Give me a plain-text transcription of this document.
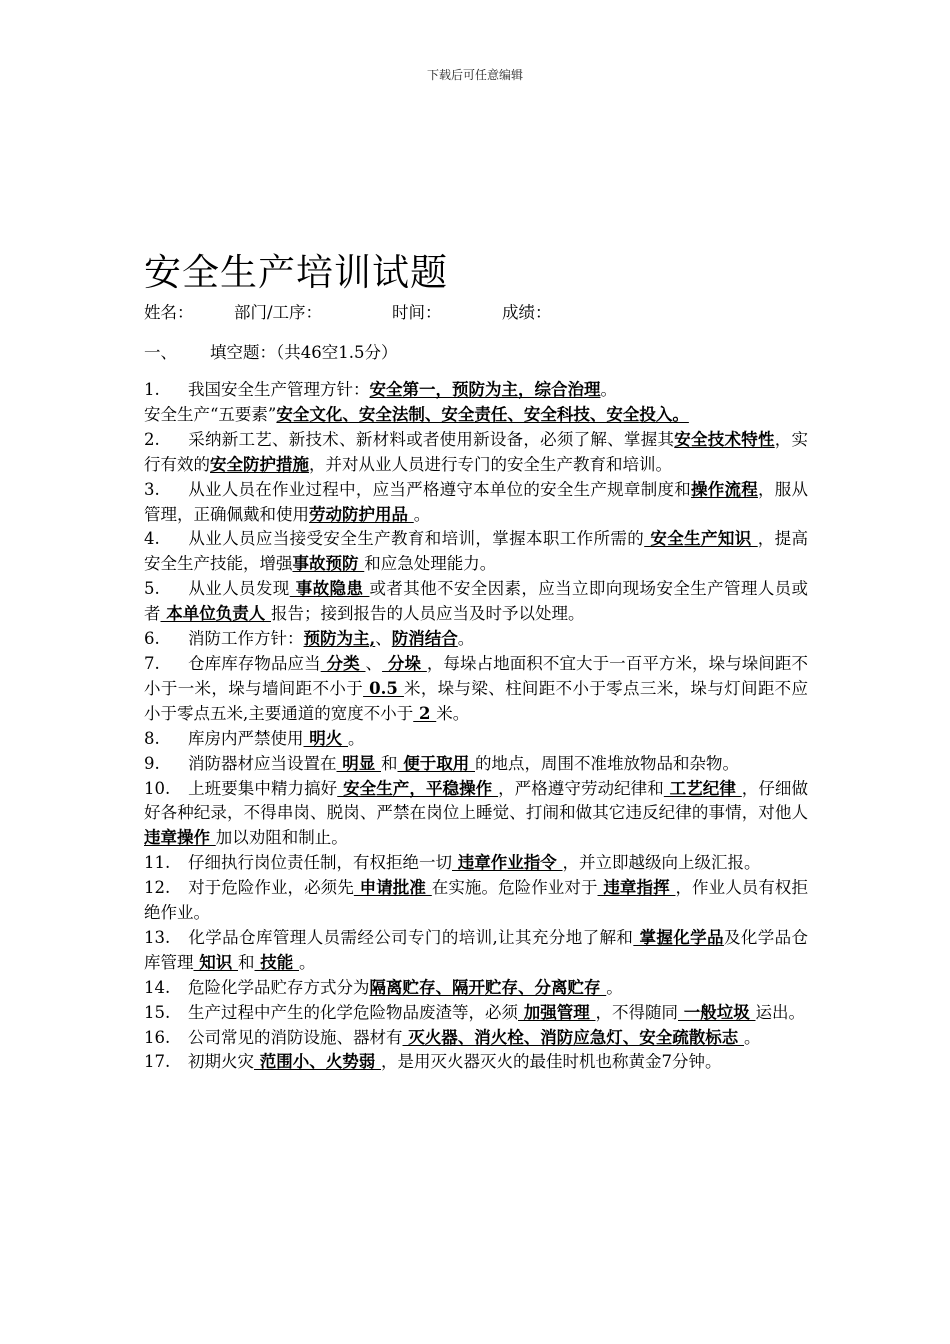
下载后可任意编辑
安全生产培训试题
姓名： 部门/工序：	时间：	成绩：
一、 填空题：（共46空1.5分）
1. 我国安全生产管理方针：安全第一，预防为主，综合治理。
安全生产“五要素”安全文化、安全法制、安全责任、安全科技、安全投入。
2. 采纳新工艺、新技术、新材料或者使用新设备，必须了解、掌握其安全技术特性，实行有效的安全防护措施，并对从业人员进行专门的安全生产教育和培训。
3. 从业人员在作业过程中，应当严格遵守本单位的安全生产规章制度和操作流程，服从管理，正确佩戴和使用劳动防护用品 。
4. 从业人员应当接受安全生产教育和培训，掌握本职工作所需的 安全生产知识 ，提高安全生产技能，增强事故预防 和应急处理能力。
5. 从业人员发现 事故隐患 或者其他不安全因素，应当立即向现场安全生产管理人员或者 本单位负责人 报告；接到报告的人员应当及时予以处理。
6. 消防工作方针：预防为主,、防消结合。
7. 仓库库存物品应当 分类 、 分垛 ，每垛占地面积不宜大于一百平方米，垛与垛间距不小于一米，垛与墙间距不小于 0.5 米，垛与梁、柱间距不小于零点三米，垛与灯间距不应小于零点五米,主要通道的宽度不小于 2 米。
8. 库房内严禁使用 明火 。
9. 消防器材应当设置在 明显 和 便于取用 的地点，周围不准堆放物品和杂物。
10. 上班要集中精力搞好 安全生产，平稳操作 ，严格遵守劳动纪律和 工艺纪律 ，仔细做好各种纪录，不得串岗、脱岗、严禁在岗位上睡觉、打闹和做其它违反纪律的事情，对他人 违章操作 加以劝阻和制止。
11. 仔细执行岗位责任制，有权拒绝一切 违章作业指令 ，并立即越级向上级汇报。
12. 对于危险作业，必须先 申请批准 在实施。危险作业对于 违章指挥 ，作业人员有权拒绝作业。
13. 化学品仓库管理人员需经公司专门的培训,让其充分地了解和 掌握化学品及化学品仓库管理 知识 和 技能 。
14. 危险化学品贮存方式分为隔离贮存、隔开贮存、分离贮存 。
15. 生产过程中产生的化学危险物品废渣等，必须 加强管理 ，不得随同 一般垃圾 运出。
16. 公司常见的消防设施、器材有 灭火器、消火栓、消防应急灯、安全疏散标志 。
17. 初期火灾 范围小、火势弱 ，是用灭火器灭火的最佳时机也称黄金7分钟。
